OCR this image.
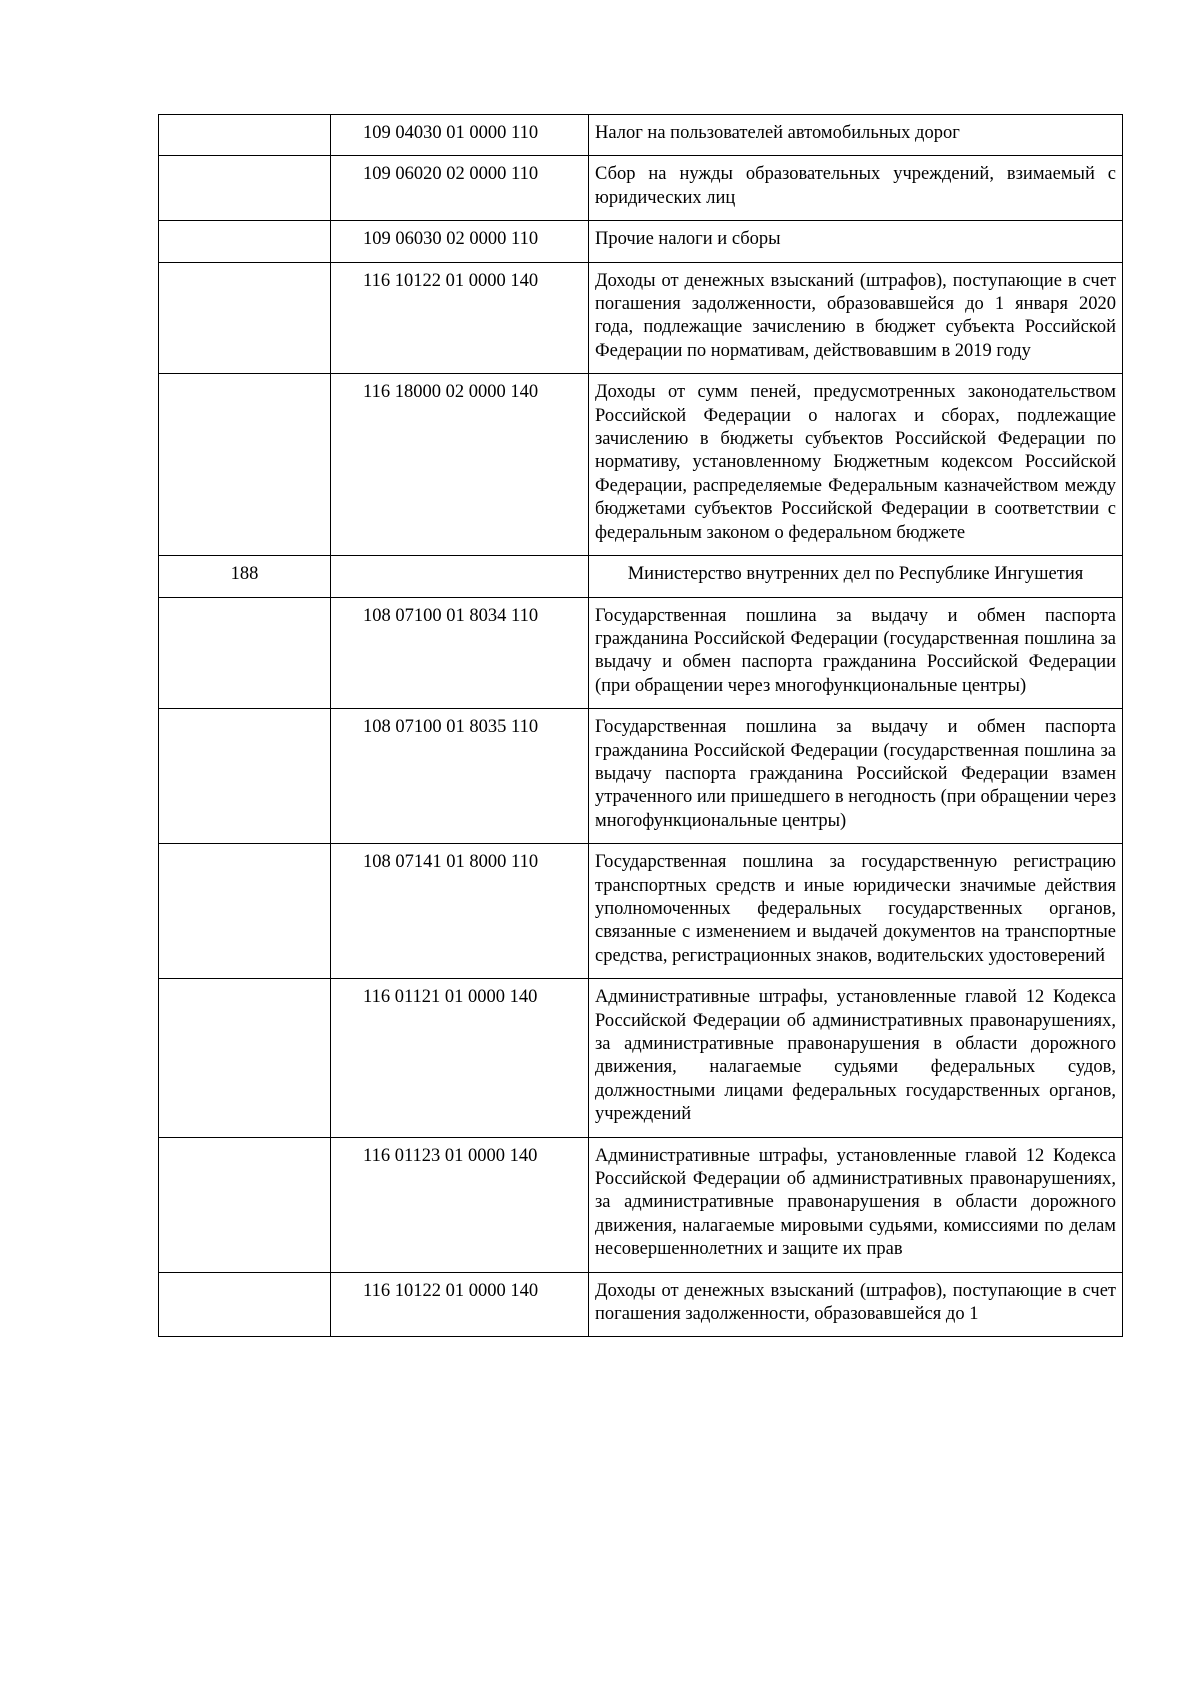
	109 04030 01 0000 110	Налог на пользователей автомобильных дорог
	109 06020 02 0000 110	Сбор на нужды образовательных учреждений, взимаемый с юридических лиц
	109 06030 02 0000 110	Прочие налоги и сборы
	116 10122 01 0000 140	Доходы от денежных взысканий (штрафов), поступающие в счет погашения задолженности, образовавшейся до 1 января 2020 года, подлежащие зачислению в бюджет субъекта Российской Федерации по нормативам, действовавшим в 2019 году
	116 18000 02 0000 140	Доходы от сумм пеней, предусмотренных законодательством Российской Федерации о налогах и сборах, подлежащие зачислению в бюджеты субъектов Российской Федерации по нормативу, установленному Бюджетным кодексом Российской Федерации, распределяемые Федеральным казначейством между бюджетами субъектов Российской Федерации в соответствии с федеральным законом о федеральном бюджете
188		Министерство внутренних дел по Республике Ингушетия
	108 07100 01 8034 110	Государственная пошлина за выдачу и обмен паспорта гражданина Российской Федерации (государственная пошлина за выдачу и обмен паспорта гражданина Российской Федерации (при обращении через многофункциональные центры)
	108 07100 01 8035 110	Государственная пошлина за выдачу и обмен паспорта гражданина Российской Федерации (государственная пошлина за выдачу паспорта гражданина Российской Федерации взамен утраченного или пришедшего в негодность (при обращении через многофункциональные центры)
	108 07141 01 8000 110	Государственная пошлина за государственную регистрацию транспортных средств и иные юридически значимые действия уполномоченных федеральных государственных органов, связанные с изменением и выдачей документов на транспортные средства, регистрационных знаков, водительских удостоверений
	116 01121 01 0000 140	Административные штрафы, установленные главой 12 Кодекса Российской Федерации об административных правонарушениях, за административные правонарушения в области дорожного движения, налагаемые судьями федеральных судов, должностными лицами федеральных государственных органов, учреждений
	116 01123 01 0000 140	Административные штрафы, установленные главой 12 Кодекса Российской Федерации об административных правонарушениях, за административные правонарушения в области дорожного движения, налагаемые мировыми судьями, комиссиями по делам несовершеннолетних и защите их прав
	116 10122 01 0000 140	Доходы от денежных взысканий (штрафов), поступающие в счет погашения задолженности, образовавшейся до 1
